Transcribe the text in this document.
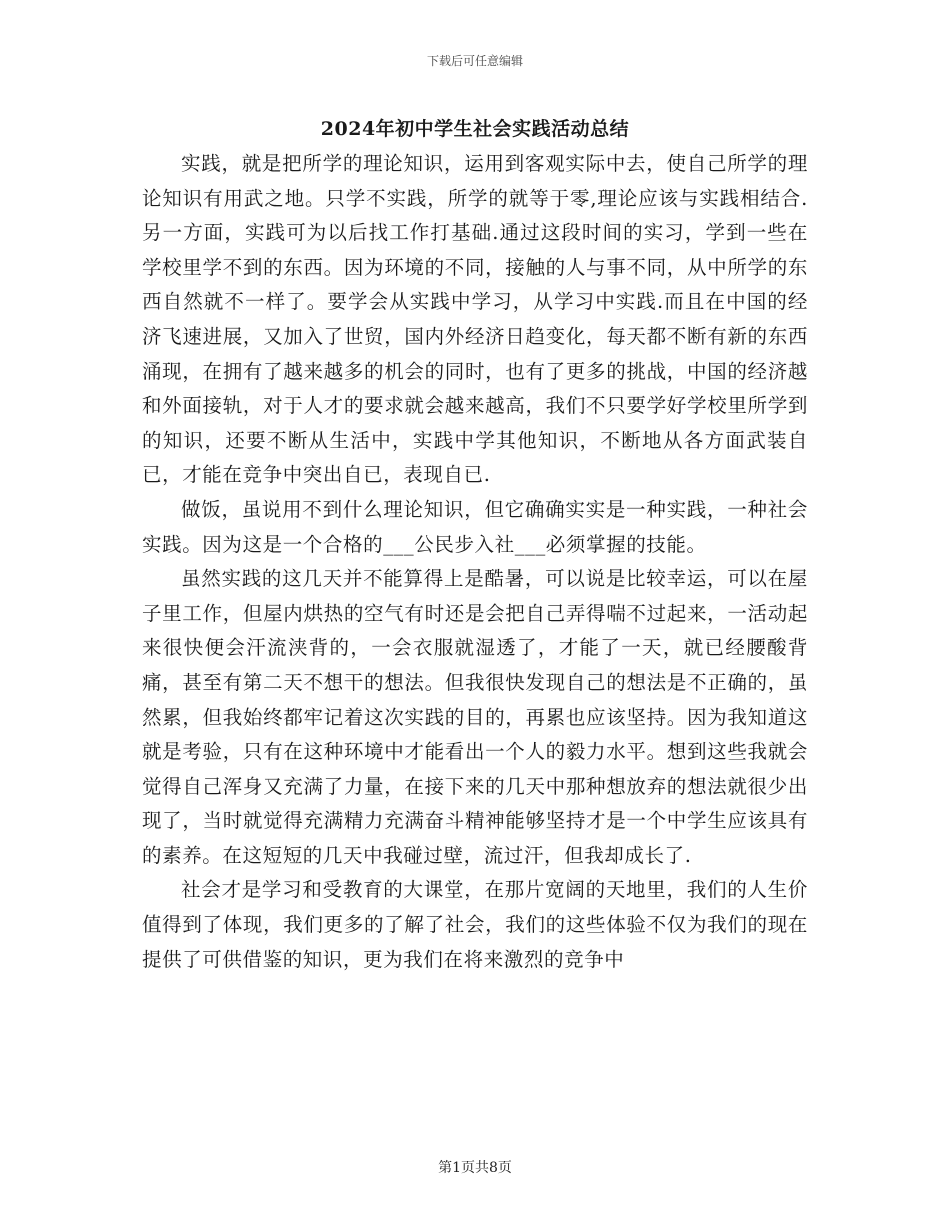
下载后可任意编辑
2024年初中学生社会实践活动总结

实践，就是把所学的理论知识，运用到客观实际中去，使自己所学的理论知识有用武之地。只学不实践，所学的就等于零,理论应该与实践相结合.另一方面，实践可为以后找工作打基础.通过这段时间的实习，学到一些在学校里学不到的东西。因为环境的不同，接触的人与事不同，从中所学的东西自然就不一样了。要学会从实践中学习，从学习中实践.而且在中国的经济飞速进展，又加入了世贸，国内外经济日趋变化，每天都不断有新的东西涌现，在拥有了越来越多的机会的同时，也有了更多的挑战，中国的经济越和外面接轨，对于人才的要求就会越来越高，我们不只要学好学校里所学到的知识，还要不断从生活中，实践中学其他知识，不断地从各方面武装自已，才能在竞争中突出自已，表现自已.

做饭，虽说用不到什么理论知识，但它确确实实是一种实践，一种社会实践。因为这是一个合格的___公民步入社___必须掌握的技能。

虽然实践的这几天并不能算得上是酷暑，可以说是比较幸运，可以在屋子里工作，但屋内烘热的空气有时还是会把自己弄得喘不过起来，一活动起来很快便会汗流浃背的，一会衣服就湿透了，才能了一天，就已经腰酸背痛，甚至有第二天不想干的想法。但我很快发现自己的想法是不正确的，虽然累，但我始终都牢记着这次实践的目的，再累也应该坚持。因为我知道这就是考验，只有在这种环境中才能看出一个人的毅力水平。想到这些我就会觉得自己浑身又充满了力量，在接下来的几天中那种想放弃的想法就很少出现了，当时就觉得充满精力充满奋斗精神能够坚持才是一个中学生应该具有的素养。在这短短的几天中我碰过壁，流过汗，但我却成长了.

社会才是学习和受教育的大课堂，在那片宽阔的天地里，我们的人生价值得到了体现，我们更多的了解了社会，我们的这些体验不仅为我们的现在提供了可供借鉴的知识，更为我们在将来激烈的竞争中

第1页共8页
